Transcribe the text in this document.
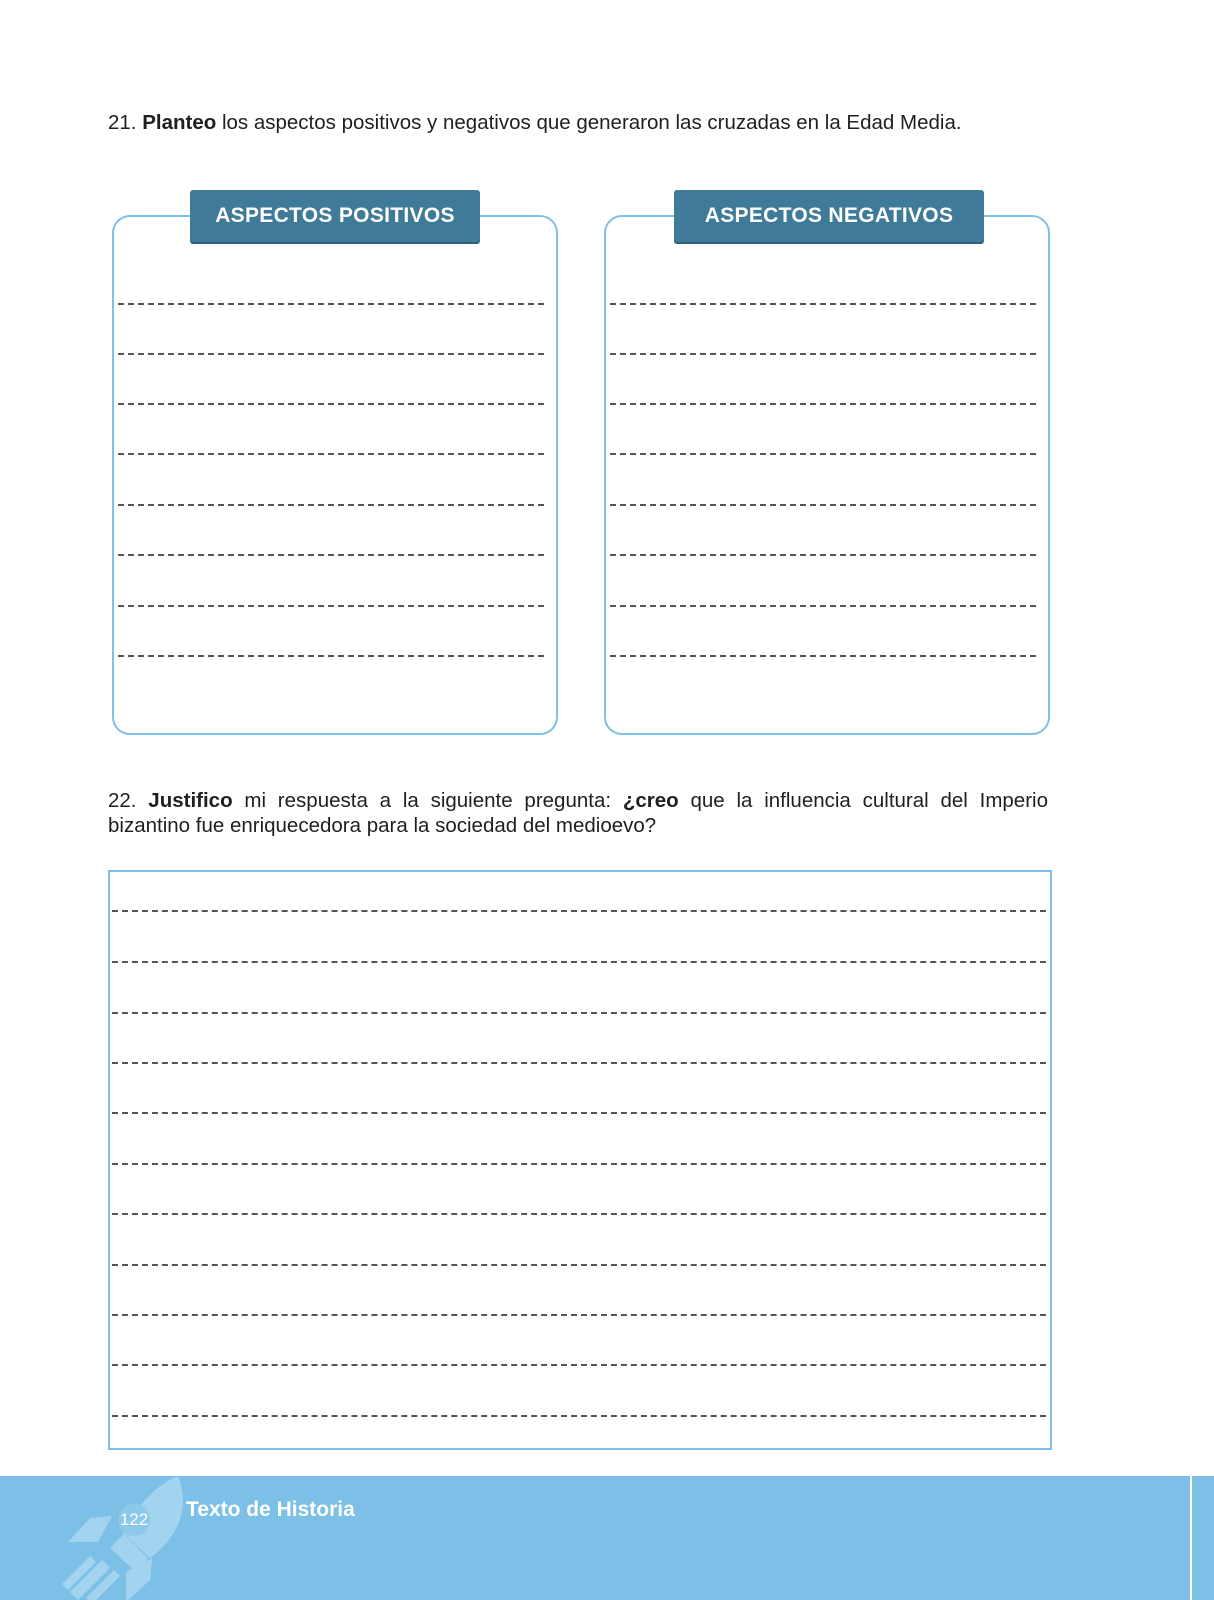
21. Planteo los aspectos positivos y negativos que generaron las cruzadas en la Edad Media.
ASPECTOS POSITIVOS	ASPECTOS NEGATIVOS
22. Justifico mi respuesta a la siguiente pregunta: ¿creo que la influencia cultural del Imperio bizantino fue enriquecedora para la sociedad del medioevo?
122 Texto de Historia
